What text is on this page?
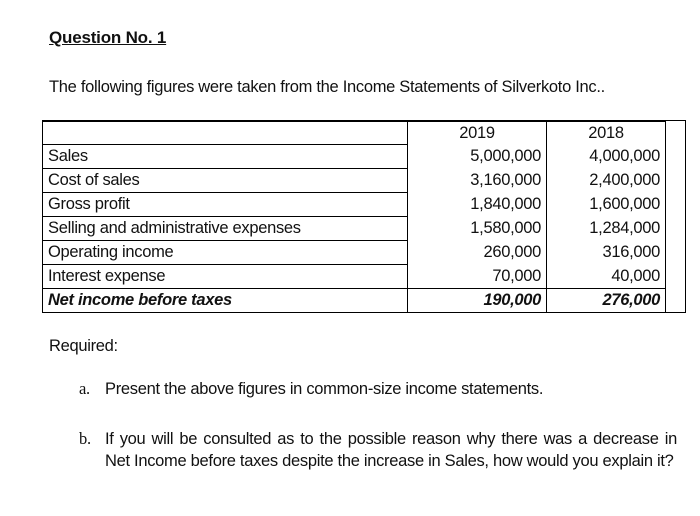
Question No. 1
The following figures were taken from the Income Statements of Silverkoto Inc..
	2019	2018
Sales	5,000,000	4,000,000
Cost of sales	3,160,000	2,400,000
Gross profit	1,840,000	1,600,000
Selling and administrative expenses	1,580,000	1,284,000
Operating income	260,000	316,000
Interest expense	70,000	40,000
Net income before taxes	190,000	276,000
Required:
a. Present the above figures in common-size income statements.
b. If you will be consulted as to the possible reason why there was a decrease in Net Income before taxes despite the increase in Sales, how would you explain it?
